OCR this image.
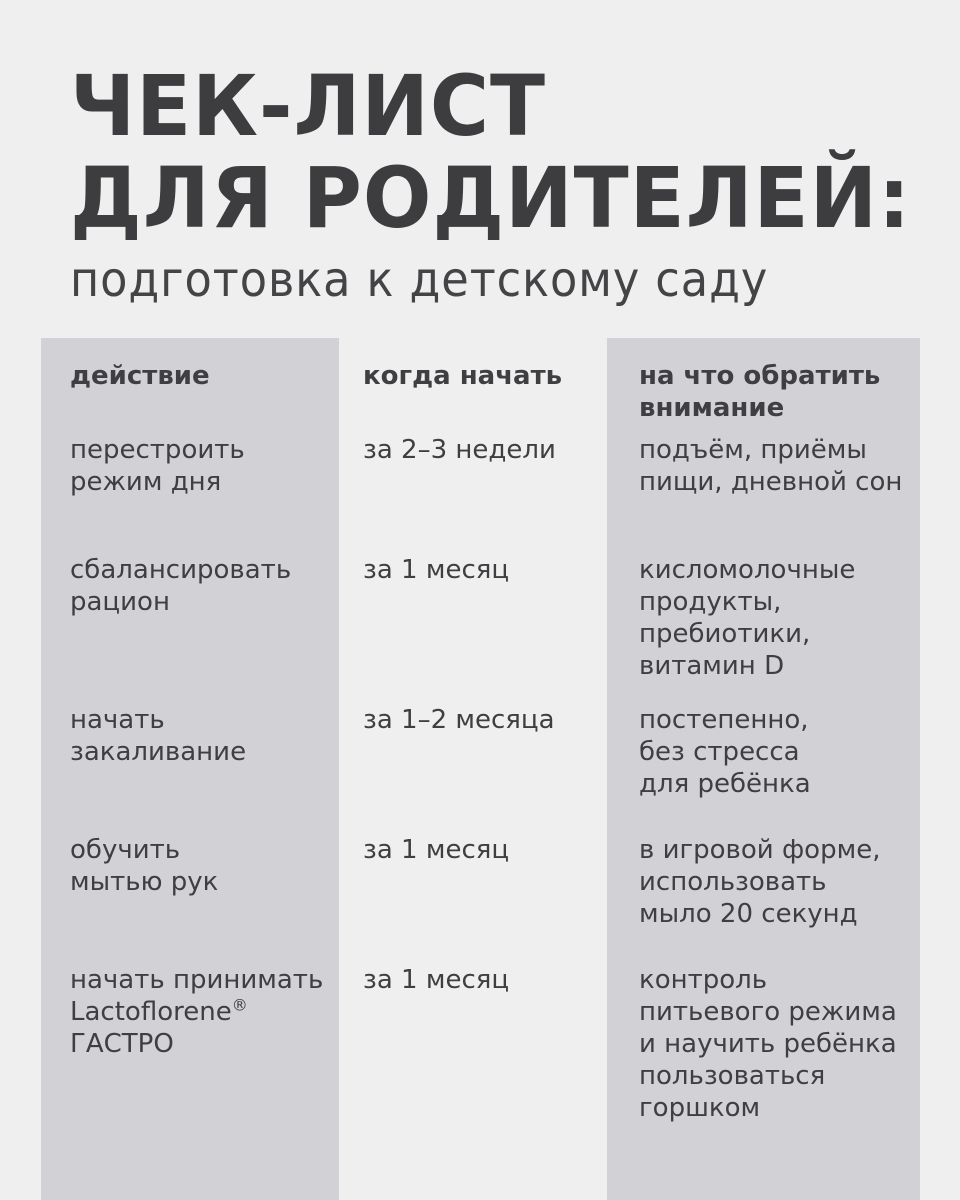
ЧЕК-ЛИСТ
ДЛЯ РОДИТЕЛЕЙ:
подготовка к детскому саду
действие
перестроить
режим дня
сбалансировать
рацион
начать
закаливание
обучить
мытью рук
начать принимать
Lactoflorene®
ГАСТРО
когда начать
за 2–3 недели
за 1 месяц
за 1–2 месяца
за 1 месяц
за 1 месяц
на что обратить
внимание
подъём, приёмы
пищи, дневной сон
кисломолочные
продукты,
пребиотики,
витамин D
постепенно,
без стресса
для ребёнка
в игровой форме,
использовать
мыло 20 секунд
контроль
питьевого режима
и научить ребёнка
пользоваться
горшком
